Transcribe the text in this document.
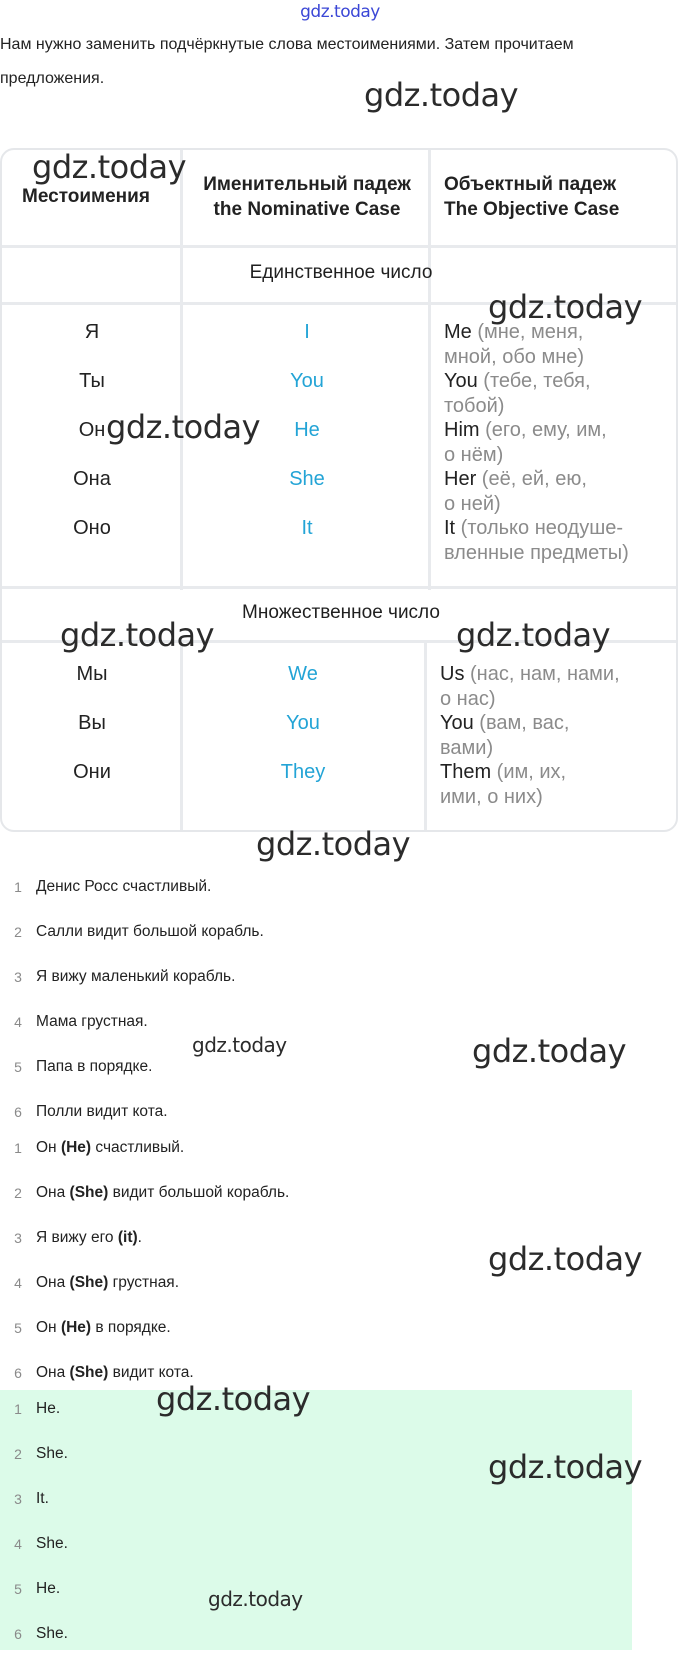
gdz.today
Нам нужно заменить подчёркнутые слова местоимениями. Затем прочитаем предложения.
Местоимения
Именительный падеж
the Nominative Case
Объектный падеж
The Objective Case
Единственное число
Множественное число
Я	I	Me (мне, меня,
мной, обо мне)
Ты	You	You (тебе, тебя,
тобой)
Он	He	Him (его, ему, им,
о нём)
Она	She	Her (её, ей, ею,
о ней)
Оно	It	It (только неодуше-
вленные предметы)
Мы	We	Us (нас, нам, нами,
о нас)
Вы	You	You (вам, вас,
вами)
Они	They	Them (им, их,
ими, о них)
1 Денис Росс счастливый.
2 Салли видит большой корабль.
3 Я вижу маленький корабль.
4 Мама грустная.
5 Папа в порядке.
6 Полли видит кота.
1 Он (He) счастливый.
2 Она (She) видит большой корабль.
3 Я вижу его (it).
4 Она (She) грустная.
5 Он (He) в порядке.
6 Она (She) видит кота.
1 He.
2 She.
3 It.
4 She.
5 He.
6 She.
gdz.today
gdz.today
gdz.today
gdz.today
gdz.today	gdz.today
gdz.today
gdz.today	gdz.today
gdz.today
gdz.today
gdz.today
gdz.today
